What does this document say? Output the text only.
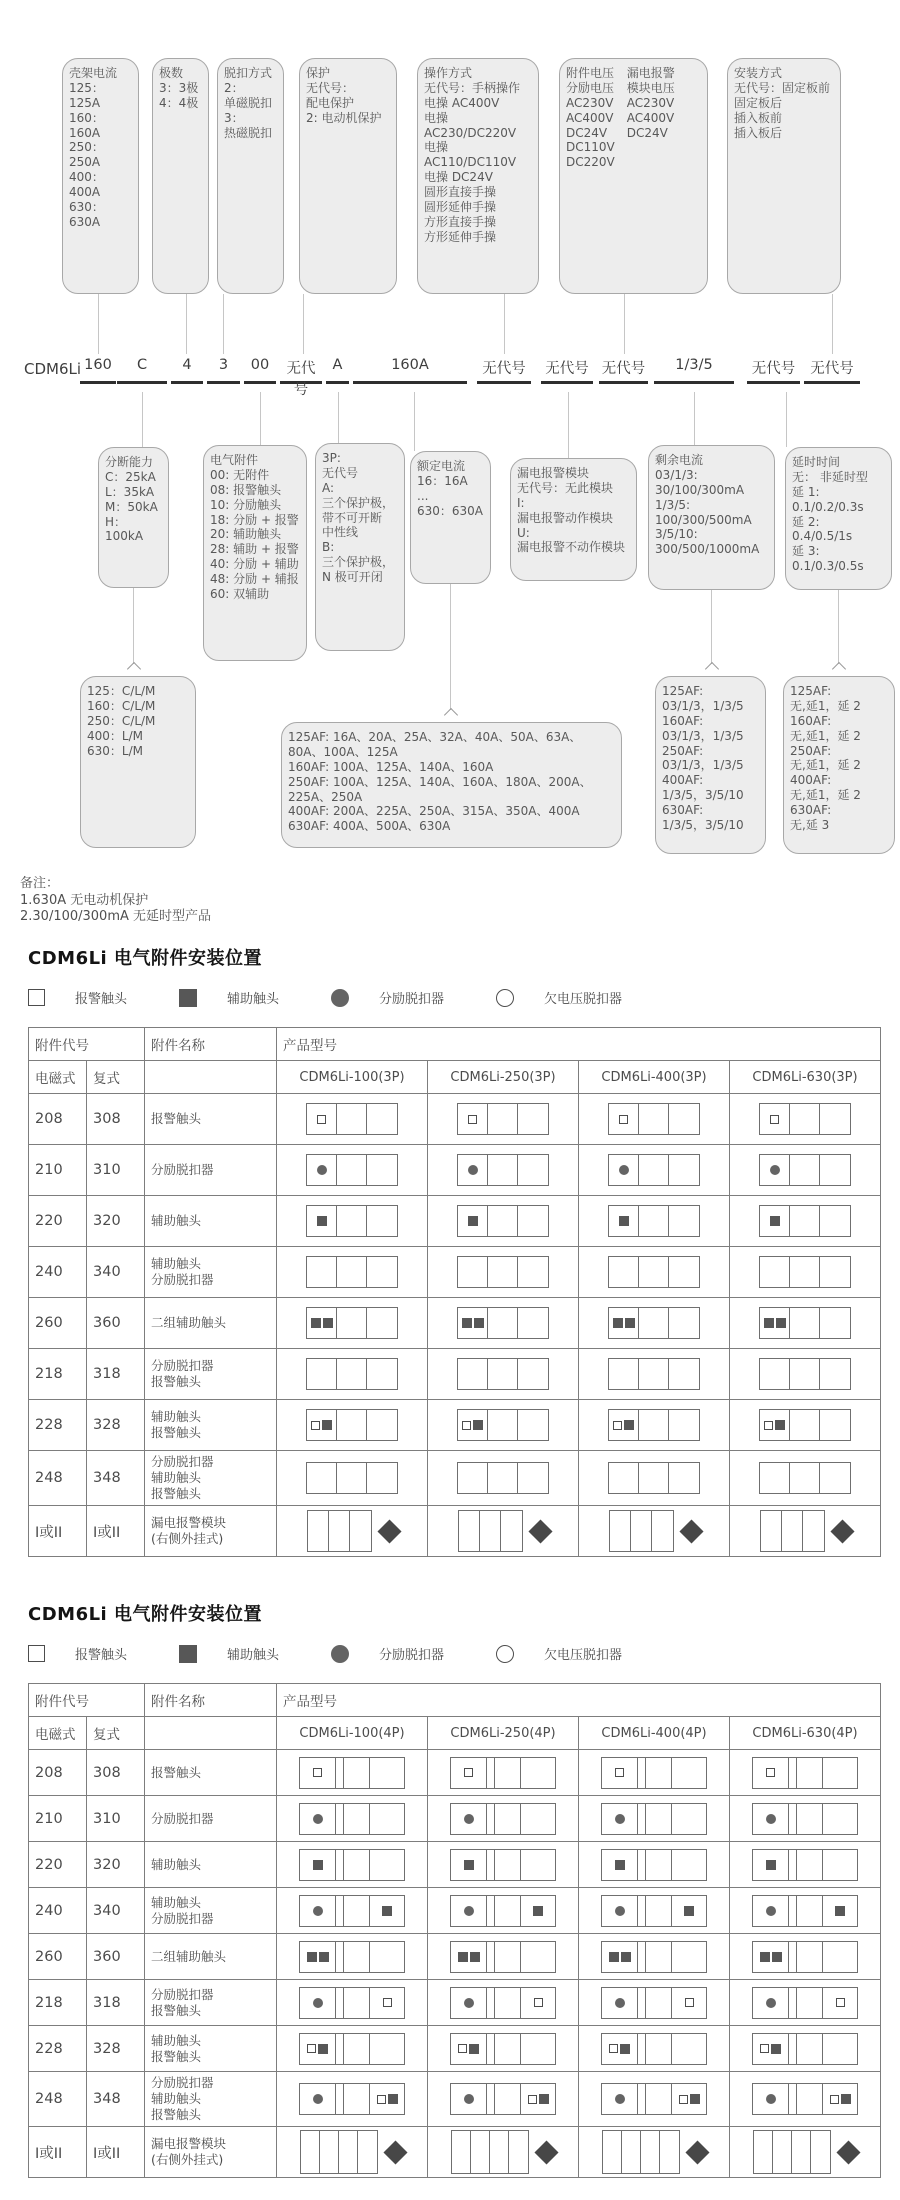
壳架电流
125：125A
160：160A
250：250A
400：400A
630：630A
极数
3：3极
4：4极
脱扣方式
2：
单磁脱扣
3：
热磁脱扣
保护
无代号：
配电保护
2: 电动机保护
操作方式
无代号：手柄操作
电操 AC400V
电操AC230/DC220V
电操AC110/DC110V
电操 DC24V
圆形直接手操
圆形延伸手操
方形直接手操
方形延伸手操
附件电压
分励电压
AC230V
AC400V
DC24V
DC110V
DC220V
漏电报警
模块电压
AC230V
AC400V
DC24V
安装方式
无代号：固定板前
固定板后
插入板前
插入板后
分断能力
C：25kA
L：35kA
M：50kA
H：100kA
电气附件
00: 无附件
08: 报警触头
10: 分励触头
18: 分励 + 报警
20: 辅助触头
28: 辅助 + 报警
40: 分励 + 辅助
48: 分励 + 辅报
60: 双辅助
3P:
无代号
A:
三个保护极，
带不可开断
中性线
B:
三个保护极，
N 极可开闭
额定电流
16：16A
...
630：630A
漏电报警模块
无代号：无此模块
I:
漏电报警动作模块
U:
漏电报警不动作模块
剩余电流
03/1/3:
30/100/300mA
1/3/5:
100/300/500mA
3/5/10:
300/500/1000mA
延时时间
无： 非延时型
延 1:
0.1/0.2/0.3s
延 2:
0.4/0.5/1s
延 3:
0.1/0.3/0.5s
125：C/L/M
160：C/L/M
250：C/L/M
400：L/M
630：L/M
125AF: 16A、20A、25A、32A、40A、50A、63A、80A、100A、125A
160AF: 100A、125A、140A、160A
250AF: 100A、125A、140A、160A、180A、200A、225A、250A
400AF: 200A、225A、250A、315A、350A、400A
630AF: 400A、500A、630A
125AF:
03/1/3，1/3/5
160AF:
03/1/3，1/3/5
250AF:
03/1/3，1/3/5
400AF:
1/3/5，3/5/10
630AF:
1/3/5，3/5/10
125AF:
无,延1，延 2
160AF:
无,延1，延 2
250AF:
无,延1，延 2
400AF:
无,延1，延 2
630AF:
无,延 3
160	C	4	3	00	无代号
A	160A	无代号	无代号 无代号	1/3/5	无代号	无代号
CDM6Li
备注：
1.630A 无电动机保护
2.30/100/300mA 无延时型产品
CDM6Li 电气附件安装位置
报警触头	辅助触头	分励脱扣器	欠电压脱扣器
附件代号		附件名称	产品型号			
电磁式	复式		CDM6Li-100(3P)	CDM6Li-250(3P)	CDM6Li-400(3P)	CDM6Li-630(3P)
208	308	报警触头				

210	310	分励脱扣器				

220	320	辅助触头				

240	340	辅助触头
分励脱扣器				

260	360	二组辅助触头				

218	318	分励脱扣器
报警触头				

228	328	辅助触头
报警触头				

248	348	分励脱扣器
辅助触头
报警触头				

I或II	I或II	漏电报警模块
(右侧外挂式)				

CDM6Li 电气附件安装位置
报警触头	辅助触头	分励脱扣器	欠电压脱扣器
附件代号		附件名称	产品型号			
电磁式	复式		CDM6Li-100(4P)	CDM6Li-250(4P)	CDM6Li-400(4P)	CDM6Li-630(4P)
208	308	报警触头				

210	310	分励脱扣器				

220	320	辅助触头				

240	340	辅助触头
分励脱扣器				

260	360	二组辅助触头				

218	318	分励脱扣器
报警触头				

228	328	辅助触头
报警触头				

248	348	分励脱扣器
辅助触头
报警触头				

I或II	I或II	漏电报警模块
(右侧外挂式)				
